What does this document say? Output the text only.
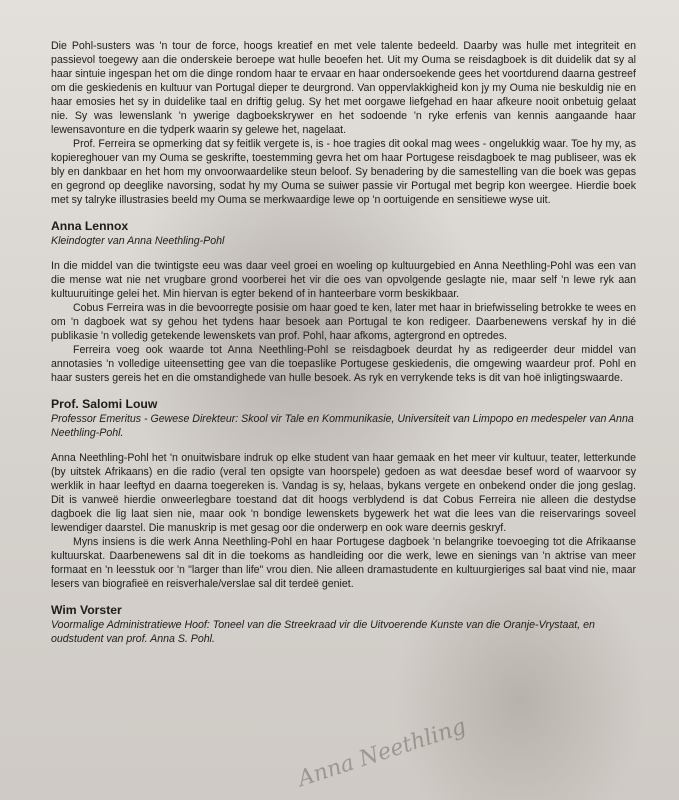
Anna Neethling

Die Pohl-susters was 'n tour de force, hoogs kreatief en met vele talente bedeeld. Daarby was hulle met integriteit en passievol toegewy aan die onderskeie beroepe wat hulle beoefen het. Uit my Ouma se reisdagboek is dit duidelik dat sy al haar sintuie ingespan het om die dinge rondom haar te ervaar en haar ondersoekende gees het voortdurend daarna gestreef om die geskiedenis en kultuur van Portugal dieper te deurgrond. Van oppervlakkigheid kon jy my Ouma nie beskuldig nie en haar emosies het sy in duidelike taal en driftig gelug. Sy het met oorgawe liefgehad en haar afkeure nooit onbetuig gelaat nie. Sy was lewenslank 'n ywerige dagboekskrywer en het sodoende 'n ryke erfenis van kennis aangaande haar lewensavonture en die tydperk waarin sy gelewe het, nagelaat.

Prof. Ferreira se opmerking dat sy feitlik vergete is, is - hoe tragies dit ookal mag wees - ongelukkig waar. Toe hy my, as kopiereghouer van my Ouma se geskrifte, toestemming gevra het om haar Portugese reisdagboek te mag publiseer, was ek bly en dankbaar en het hom my onvoorwaardelike steun beloof. Sy benadering by die samestelling van die boek was gepas en gegrond op deeglike navorsing, sodat hy my Ouma se suiwer passie vir Portugal met begrip kon weergee. Hierdie boek met sy talryke illustrasies beeld my Ouma se merkwaardige lewe op 'n oortuigende en sensitiewe wyse uit.

Anna Lennox

Kleindogter van Anna Neethling-Pohl

In die middel van die twintigste eeu was daar veel groei en woeling op kultuurgebied en Anna Neethling-Pohl was een van die mense wat nie net vrugbare grond voorberei het vir die oes van opvolgende geslagte nie, maar self 'n lewe ryk aan kultuuruitinge gelei het. Min hiervan is egter bekend of in hanteerbare vorm beskikbaar.

Cobus Ferreira was in die bevoorregte posisie om haar goed te ken, later met haar in briefwisseling betrokke te wees en om 'n dagboek wat sy gehou het tydens haar besoek aan Portugal te kon redigeer. Daarbenewens verskaf hy in dié publikasie 'n volledig getekende lewenskets van prof. Pohl, haar afkoms, agtergrond en optredes.

Ferreira voeg ook waarde tot Anna Neethling-Pohl se reisdagboek deurdat hy as redigeerder deur middel van annotasies 'n volledige uiteensetting gee van die toepaslike Portugese geskiedenis, die omgewing waardeur prof. Pohl en haar susters gereis het en die omstandighede van hulle besoek. As ryk en verrykende teks is dit van hoë inligtingswaarde.

Prof. Salomi Louw

Professor Emeritus - Gewese Direkteur: Skool vir Tale en Kommunikasie, Universiteit van Limpopo en medespeler van Anna Neethling-Pohl.

Anna Neethling-Pohl het 'n onuitwisbare indruk op elke student van haar gemaak en het meer vir kultuur, teater, letterkunde (by uitstek Afrikaans) en die radio (veral ten opsigte van hoorspele) gedoen as wat deesdae besef word of waarvoor sy werklik in haar leeftyd en daarna toegereken is. Vandag is sy, helaas, bykans vergete en onbekend onder die jong geslag. Dit is vanweë hierdie onweerlegbare toestand dat dit hoogs verblydend is dat Cobus Ferreira nie alleen die destydse dagboek die lig laat sien nie, maar ook 'n bondige lewenskets bygewerk het wat die lees van die reiservarings soveel lewendiger daarstel. Die manuskrip is met gesag oor die onderwerp en ook ware deernis geskryf.

Myns insiens is die werk Anna Neethling-Pohl en haar Portugese dagboek 'n belangrike toevoeging tot die Afrikaanse kultuurskat. Daarbenewens sal dit in die toekoms as handleiding oor die werk, lewe en sienings van 'n aktrise van meer formaat en 'n leesstuk oor 'n "larger than life" vrou dien. Nie alleen dramastudente en kultuurgieriges sal baat vind nie, maar lesers van biografieë en reisverhale/verslae sal dit terdeë geniet.

Wim Vorster

Voormalige Administratiewe Hoof: Toneel van die Streekraad vir die Uitvoerende Kunste van die Oranje-Vrystaat, en oudstudent van prof. Anna S. Pohl.
